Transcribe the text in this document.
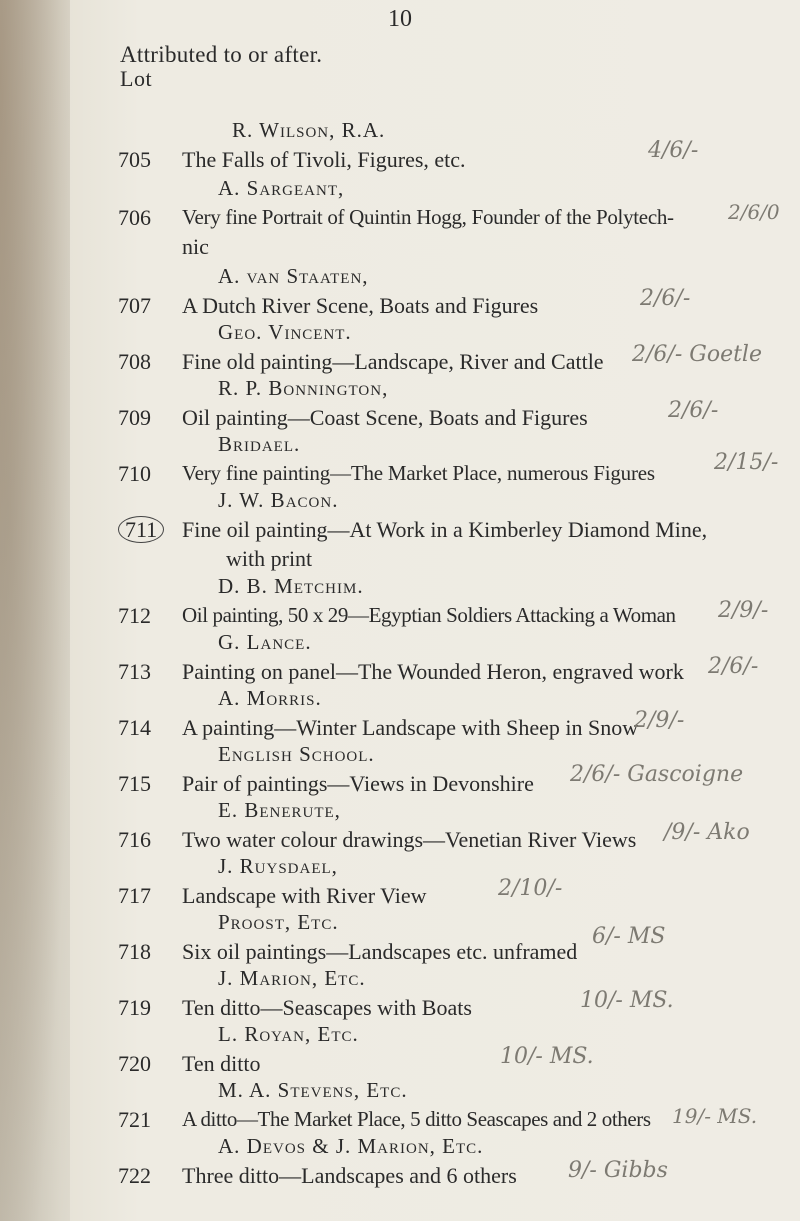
10
Attributed to or after.
Lot
R. Wilson, R.A.
705	The Falls of Tivoli, Figures, etc.	4/6/-
A. Sargeant,
706	Very fine Portrait of Quintin Hogg, Founder of the Polytech-
nic
2/6/0
A. van Staaten,
707	A Dutch River Scene, Boats and Figures	2/6/-
Geo. Vincent.
708	Fine old painting—Landscape, River and Cattle 2/6/- Goetle
R. P. Bonnington,
709	Oil painting—Coast Scene, Boats and Figures	2/6/-
Bridael.
710	Very fine painting—The Market Place, numerous Figures	2/15/-
J. W. Bacon.
711	Fine oil painting—At Work in a Kimberley Diamond Mine,
with print
D. B. Metchim.
712	Oil painting, 50 x 29—Egyptian Soldiers Attacking a Woman 2/9/-
G. Lance.
713	Painting on panel—The Wounded Heron, engraved work 2/6/-
A. Morris.
714	A painting—Winter Landscape with Sheep in Snow
2/9/-
English School.
715	Pair of paintings—Views in Devonshire 2/6/- Gascoigne
E. Benerute,
716	Two water colour drawings—Venetian River Views /9/- Ako
J. Ruysdael,
717	Landscape with River View	2/10/-
Proost, Etc.
718	Six oil paintings—Landscapes etc. unframed
6/- MS
J. Marion, Etc.
719	Ten ditto—Seascapes with Boats	10/- MS.
L. Royan, Etc.
720	Ten ditto	10/- MS.
M. A. Stevens, Etc.
721	A ditto—The Market Place, 5 ditto Seascapes and 2 others 19/- MS.
A. Devos & J. Marion, Etc.
722	Three ditto—Landscapes and 6 others 9/- Gibbs
